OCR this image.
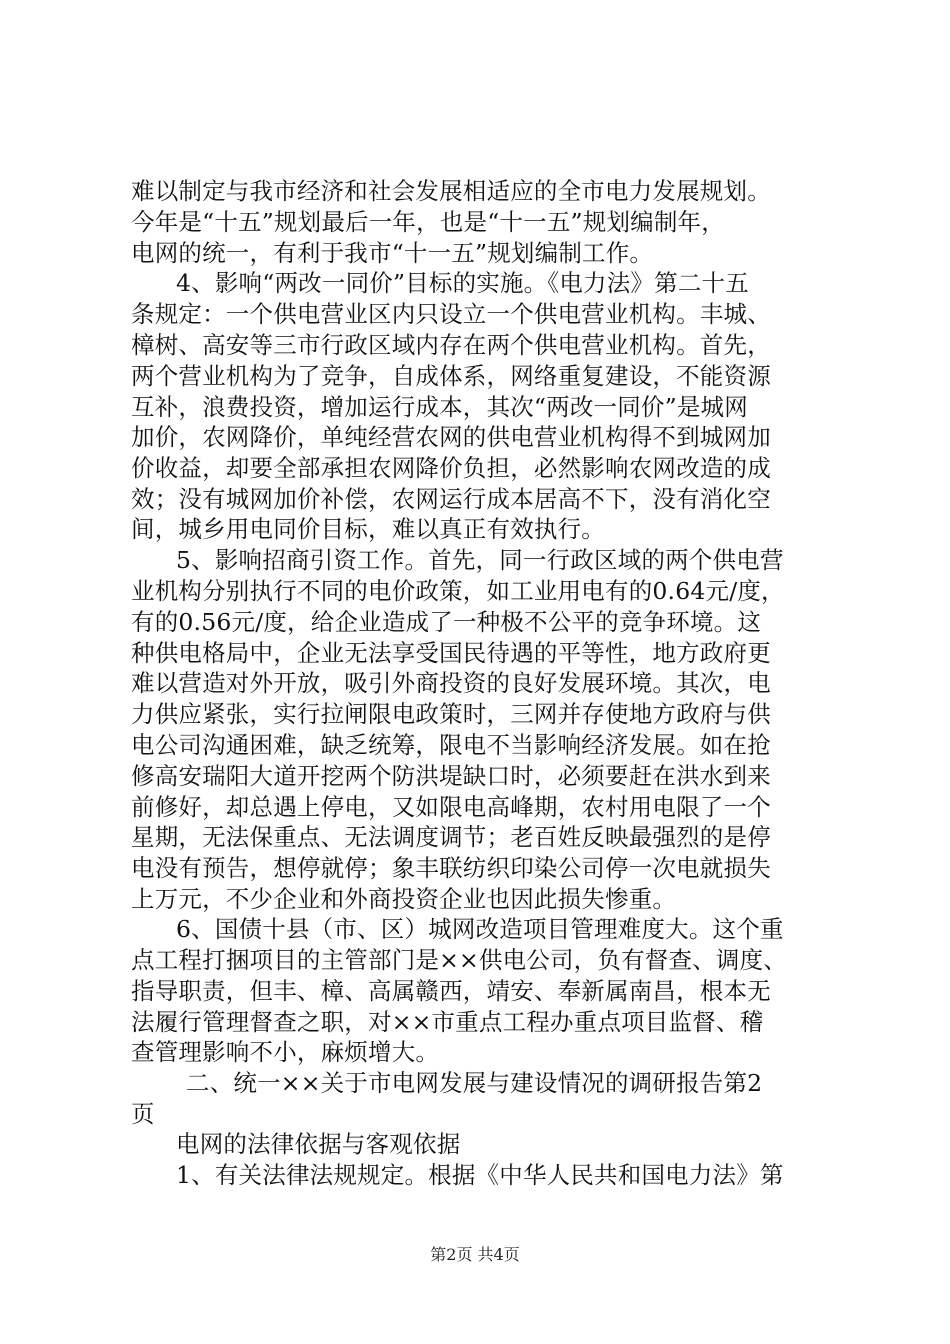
难以制定与我市经济和社会发展相适应的全市电力发展规划。
今年是“十五”规划最后一年，也是“十一五”规划编制年，
电网的统一，有利于我市“十一五”规划编制工作。
4、影响“两改一同价”目标的实施。《电力法》第二十五
条规定：一个供电营业区内只设立一个供电营业机构。丰城、
樟树、高安等三市行政区域内存在两个供电营业机构。首先，
两个营业机构为了竞争，自成体系，网络重复建设，不能资源
互补，浪费投资，增加运行成本，其次“两改一同价”是城网
加价，农网降价，单纯经营农网的供电营业机构得不到城网加
价收益，却要全部承担农网降价负担，必然影响农网改造的成
效；没有城网加价补偿，农网运行成本居高不下，没有消化空
间，城乡用电同价目标，难以真正有效执行。
5、影响招商引资工作。首先，同一行政区域的两个供电营
业机构分别执行不同的电价政策，如工业用电有的0.64元/度，
有的0.56元/度，给企业造成了一种极不公平的竞争环境。这
种供电格局中，企业无法享受国民待遇的平等性，地方政府更
难以营造对外开放，吸引外商投资的良好发展环境。其次，电
力供应紧张，实行拉闸限电政策时，三网并存使地方政府与供
电公司沟通困难，缺乏统筹，限电不当影响经济发展。如在抢
修高安瑞阳大道开挖两个防洪堤缺口时，必须要赶在洪水到来
前修好，却总遇上停电，又如限电高峰期，农村用电限了一个
星期，无法保重点、无法调度调节；老百姓反映最强烈的是停
电没有预告，想停就停；象丰联纺织印染公司停一次电就损失
上万元，不少企业和外商投资企业也因此损失惨重。
6、国债十县（市、区）城网改造项目管理难度大。这个重
点工程打捆项目的主管部门是××供电公司，负有督查、调度、
指导职责，但丰、樟、高属赣西，靖安、奉新属南昌，根本无
法履行管理督查之职，对××市重点工程办重点项目监督、稽
查管理影响不小，麻烦增大。
二、统一××关于市电网发展与建设情况的调研报告第2
页
电网的法律依据与客观依据
1、有关法律法规规定。根据《中华人民共和国电力法》第
第2页 共4页
